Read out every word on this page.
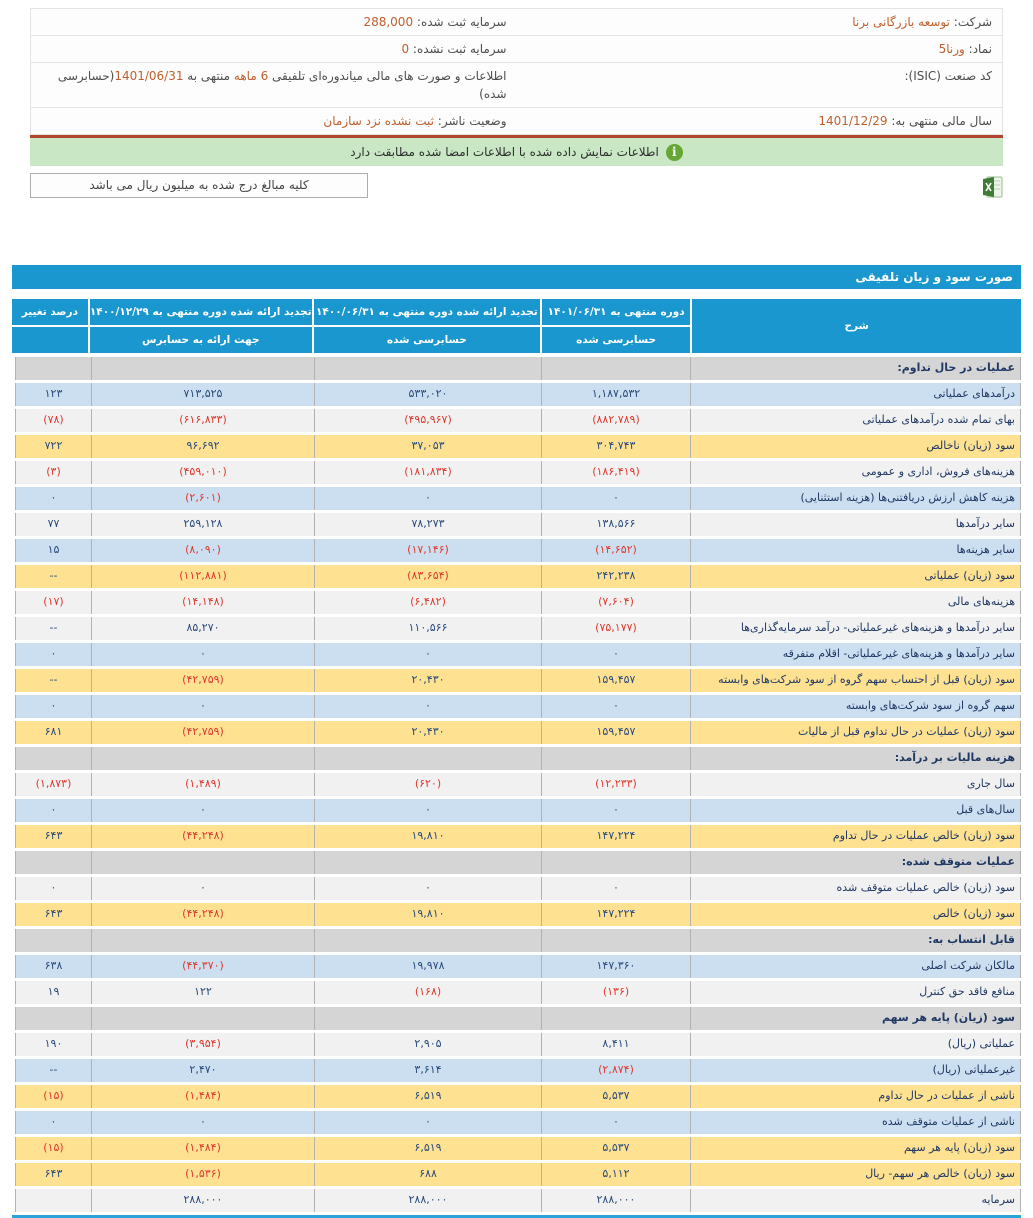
شرکت: توسعه بازرگانی برنا
سرمایه ثبت شده: 288,000
نماد: ورنا5
سرمایه ثبت نشده: 0
کد صنعت (ISIC):
اطلاعات و صورت های مالی میاندوره‌ای تلفیقی 6 ماهه منتهی به 1401/06/31(حسابرسی شده)
سال مالی منتهی به: 1401/12/29
وضعیت ناشر: ثبت نشده نزد سازمان
i
اطلاعات نمایش داده شده با اطلاعات امضا شده مطابقت دارد
کلیه مبالغ درج شده به میلیون ریال می باشد
صورت سود و زیان تلفیقی
شرح
دوره منتهی به ۱۴۰۱/۰۶/۳۱
حسابرسی شده
تجدید ارائه شده دوره منتهی به ۱۴۰۰/۰۶/۳۱
حسابرسی شده
تجدید ارائه شده دوره منتهی به ۱۴۰۰/۱۲/۲۹
جهت ارائه به حسابرس
درصد تغییر
عملیات در حال تداوم:
درآمدهای عملیاتی
۱,۱۸۷,۵۳۲
۵۳۳,۰۲۰
۷۱۳,۵۲۵
۱۲۳
بهای تمام شده درآمدهای عملیاتی
(۸۸۲,۷۸۹)
(۴۹۵,۹۶۷)
(۶۱۶,۸۳۳)
(۷۸)
سود (زیان) ناخالص
۳۰۴,۷۴۳
۳۷,۰۵۳
۹۶,۶۹۲
۷۲۲
هزینه‌های فروش، اداری و عمومی
(۱۸۶,۴۱۹)
(۱۸۱,۸۳۴)
(۴۵۹,۰۱۰)
(۳)
هزینه کاهش ارزش دریافتنی‌ها (هزینه استثنایی)
۰
۰
(۲,۶۰۱)
۰
سایر درآمدها
۱۳۸,۵۶۶
۷۸,۲۷۳
۲۵۹,۱۲۸
۷۷
سایر هزینه‌ها
(۱۴,۶۵۲)
(۱۷,۱۴۶)
(۸,۰۹۰)
۱۵
سود (زیان) عملیاتی
۲۴۲,۲۳۸
(۸۳,۶۵۴)
(۱۱۲,۸۸۱)
--
هزینه‌های مالی
(۷,۶۰۴)
(۶,۴۸۲)
(۱۴,۱۴۸)
(۱۷)
سایر درآمدها و هزینه‌های غیرعملیاتی- درآمد سرمایه‌گذاری‌ها
(۷۵,۱۷۷)
۱۱۰,۵۶۶
۸۵,۲۷۰
--
سایر درآمدها و هزینه‌های غیرعملیاتی- اقلام متفرقه
۰
۰
۰
۰
سود (زیان) قبل از احتساب سهم گروه از سود شرکت‌های وابسته
۱۵۹,۴۵۷
۲۰,۴۳۰
(۴۲,۷۵۹)
--
سهم گروه از سود شرکت‌های وابسته
۰
۰
۰
۰
سود (زیان) عملیات در حال تداوم قبل از مالیات
۱۵۹,۴۵۷
۲۰,۴۳۰
(۴۲,۷۵۹)
۶۸۱
هزینه مالیات بر درآمد:
سال جاری
(۱۲,۲۳۳)
(۶۲۰)
(۱,۴۸۹)
(۱,۸۷۳)
سال‌های قبل
۰
۰
۰
۰
سود (زیان) خالص عملیات در حال تداوم
۱۴۷,۲۲۴
۱۹,۸۱۰
(۴۴,۲۴۸)
۶۴۳
عملیات متوقف شده:
سود (زیان) خالص عملیات متوقف شده
۰
۰
۰
۰
سود (زیان) خالص
۱۴۷,۲۲۴
۱۹,۸۱۰
(۴۴,۲۴۸)
۶۴۳
قابل انتساب به:
مالکان شرکت اصلی
۱۴۷,۳۶۰
۱۹,۹۷۸
(۴۴,۳۷۰)
۶۳۸
منافع فاقد حق کنترل
(۱۳۶)
(۱۶۸)
۱۲۲
۱۹
سود (زیان) پایه هر سهم
عملیاتی (ریال)
۸,۴۱۱
۲,۹۰۵
(۳,۹۵۴)
۱۹۰
غیرعملیاتی (ریال)
(۲,۸۷۴)
۳,۶۱۴
۲,۴۷۰
--
ناشی از عملیات در حال تداوم
۵,۵۳۷
۶,۵۱۹
(۱,۴۸۴)
(۱۵)
ناشی از عملیات متوقف شده
۰
۰
۰
۰
سود (زیان) پایه هر سهم
۵,۵۳۷
۶,۵۱۹
(۱,۴۸۴)
(۱۵)
سود (زیان) خالص هر سهم- ریال
۵,۱۱۲
۶۸۸
(۱,۵۳۶)
۶۴۳
سرمایه
۲۸۸,۰۰۰
۲۸۸,۰۰۰
۲۸۸,۰۰۰
